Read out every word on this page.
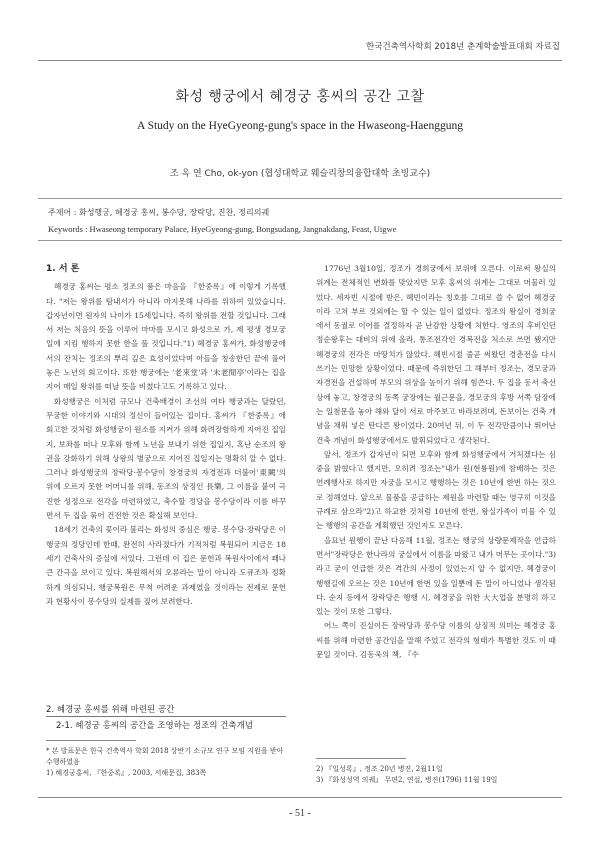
한국건축역사학회 2018년 춘계학술발표대회 자료집
화성 행궁에서 혜경궁 홍씨의 공간 고찰
A Study on the HyeGyeong-gung's space in the Hwaseong-Haenggung
조 옥 연 Cho, ok-yon (협성대학교 웨슬리창의융합대학 초빙교수)
주제어 : 화성행궁, 혜경궁 홍씨, 봉수당, 장락당, 진찬, 정리의궤
Keywords : Hwaseong temporary Palace, HyeGyeong-gung, Bongsudang, Jangnakdang, Feast, Uigwe
1. 서 론

혜경궁 홍씨는 평소 정조의 품은 마음을 『한중록』에 이렇게 기록했다. "저는 왕위를 탐내서가 아니라 마지못해 나라를 위하여 있었습니다. 갑자년이면 원자의 나이가 15세입니다. 즉히 왕위를 전할 것입니다. 그래서 저는 처음의 뜻을 이루어 마마를 모시고 화성으로 가, 제 평생 경모궁 일에 지킴 행하지 못한 한을 풀 것입니다."1) 혜경궁 홍씨가, 화성행궁에서의 잔치는 정조의 뿌리 깊은 효성이었다며 아들을 칭송한던 끝에 풀어놓은 노년의 회고이다. 또한 행궁에는 '老來堂'과 '未老閒亭'이라는 집을 지어 매일 왕위를 떠날 뜻을 비쳤다고도 기록하고 있다.

화성행궁은 이처럼 규모나 건축배경이 조선의 여타 행궁과는 달랐던, 무궁한 이야기와 시대의 정신이 들어있는 집이다. 홍씨가 『한중록』에 회고한 것처럼 화성행궁이 원소를 지켜가 위해 화려장함하게 지어진 집일지, 보좌를 떠나 모후와 함께 노년을 보내기 위한 집일지, 혹난 순조의 왕권을 강화하기 위해 상왕의 별궁으로 지어진 집일지는 명확히 알 수 없다. 그러나 화성행궁의 장락당·봉수당이 창경궁의 자경전과 더불어'東闕'의 위에 오르지 못한 어머니를 위해, 동조의 상징인 長樂, 그 이름을 붙여 극진한 성정으로 전각을 마련하였고, 축수할 정당을 봉수당이라 이름 바꾸면서 두 집을 묶어 건전한 것은 확실해 보인다.

18세기 건축의 꽃이라 불리는 화성의 중심은 행궁. 봉수당·장락당은 이 행궁의 정당인데 한때, 완전히 사라졌다가 기적처럼 복원되어 지금은 18세기 건축사의 증실에 서있다. 그런데 이 집은 문헌과 복원사이에서 꽤나 큰 간극을 보이고 있다. 복원해서의 오류라는 말이 아니라 도큐조차 정확하게 의심되니, 행궁복원은 무척 어려운 과제였을 것이라는 전제로 문헌과 현황사이 봉수당의 실제를 짚어 보려한다.

2. 혜경궁 홍씨를 위해 마련된 공간
2-1. 혜경궁 홍씨의 공간을 조영하는 정조의 건축개념
* 본 발표문은 한국 건축역사 학회 2018 상반기 소규모 연구 모임 지원을 받아 수행하였음
1) 혜경궁홍씨, 『한중록』, 2003, 서해문집, 383쪽

1776년 3월10일, 정조가 경희궁에서 보위에 오른다. 이로써 왕실의 위계는 전체적인 변화를 맞았지만 모후 홍씨의 위계는 그대로 머물러 있었다. 세자빈 시절에 받은, 혜빈이라는 칭호를 그대로 쓸 수 없어 혜경궁이라 고쳐 부르 것외에는 할 수 있는 일이 없었다. 정조의 왕실이 경희궁에서 동궐로 이어를 결정하자 곧 난감한 상황에 처한다. 영조의 후비인던 정순왕후는 대비의 위에 올라, 통조전각인 경복전을 처소로 쓰면 됐지만 혜경궁의 전각은 마땅치가 않았다. 혜빈시절 줄곧 써왔던 경춘전을 다시 쓰기는 민망한 상황이었다. 때문에 즉위한던 그 해부터 정조는, 경모궁과 자경전을 건설하며 부모의 위상을 높이기 위해 힘쓴다. 두 집을 동서 축선 상에 놓고, 창경궁의 동쪽 궁장에는 월근문을, 경모궁의 후방 서쪽 담장에는 일첨문을 놓아 해와 달이 서로 마주보고 바라보려며, 돈보이는 건축 개념을 채워 넣은 탄다른 왕이었다. 20여년 뒤, 이 두 전각만큼이나 뛰어난 건축 개념이 화성행궁에서도 발휘되었다고 생각된다.

앞서, 정조가 갑자년이 되면 모후와 함께 화성행궁에서 거처겠다는 심중을 밝혔다고 했지만, 오히려 정조는"내가 원(현륭원)에 참배하는 것은 연례행사로 하지만 자궁을 모시고 행행하는 것은 10년에 한번 하는 것으로 정해였다. 앞으로 물품을 공급하는 제원을 마련할 때는 영구히 이것을 규례로 삼으라"2)고 하교한 것처럼 10년에 한번, 왕실가족이 미물 수 있는 행행의 공간을 계획했던 것인지도 모른다.

을묘년 원행이 끝난 다음해 11월, 정조는 행궁의 상량문제작을 언급하면서"장락당은 한나라의 궁실에서 이름을 따왔고 내가 머무는 곳이다."3) 라고 굳이 언급한 것은 격간의 사정이 있었는지 알 수 없지만, 혜경궁이 행행길에 오르는 것은 10년에 한번 있을 일뿐에 돈 말이 아니었나 생각된다. 순지 등에서 장락당은 행행 시, 혜경궁을 위한 大大업을 분명히 하고 있는 것이 또한 그렇다.

어느 쪽이 진실이든 장락당과 봉수당 이름의 상징적 의미는 혜경궁 홍씨를 위해 마련한 공간임을 말해 주었고 전각의 형태가 특별한 것도 이 때문일 것이다. 김동욱의 책, 『수

2) 『일성록』, 정조 20년 병진, 2월11일
3) 『화성성역 의궤』 무편2, 연설, 병진(1796) 11월 19일
- 51 -
